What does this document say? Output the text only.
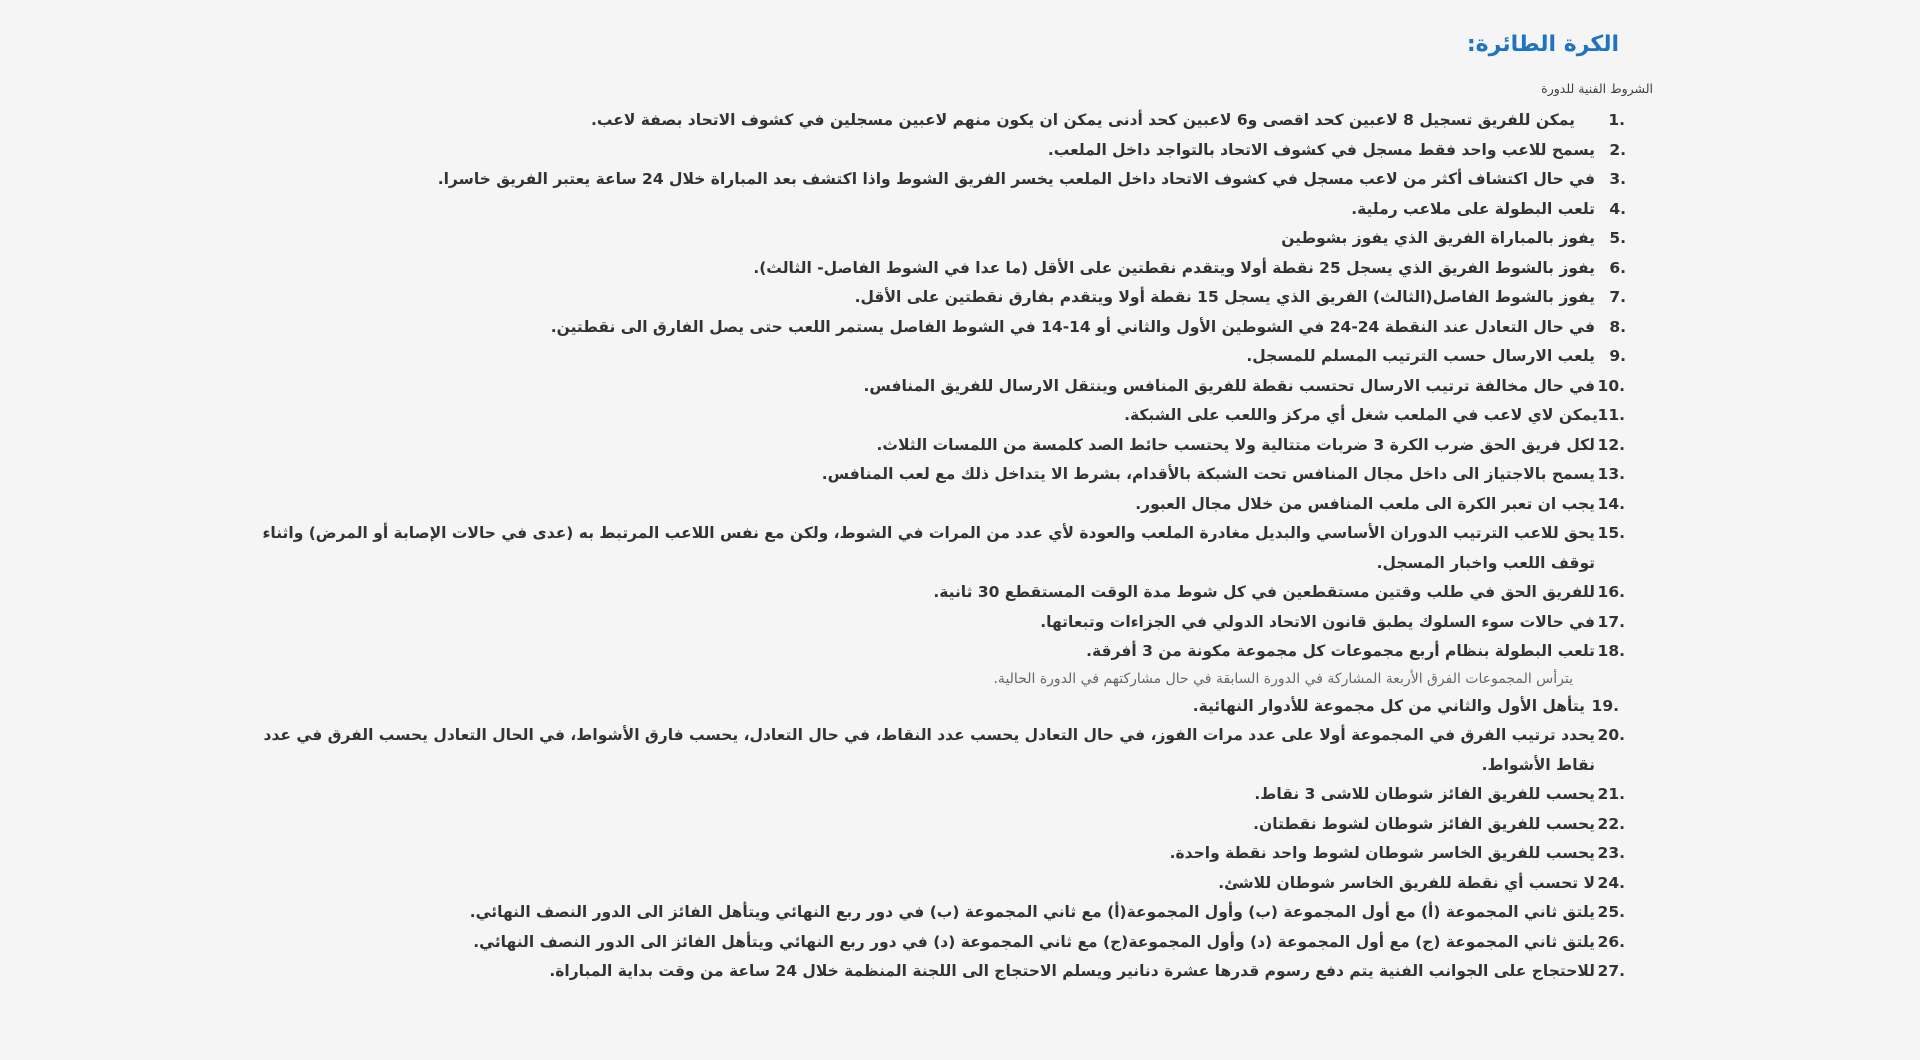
الكرة الطائرة:
الشروط الفنية للدورة
1.
يمكن للفريق تسجيل 8 لاعبين كحد اقصى و6 لاعبين كحد أدنى يمكن ان يكون منهم لاعبين مسجلين في كشوف الاتحاد بصفة لاعب.
2.
يسمح للاعب واحد فقط مسجل في كشوف الاتحاد بالتواجد داخل الملعب.
3.
في حال اكتشاف أكثر من لاعب مسجل في كشوف الاتحاد داخل الملعب يخسر الفريق الشوط واذا اكتشف بعد المباراة خلال 24 ساعة يعتبر الفريق خاسرا.
4.
تلعب البطولة على ملاعب رملية.
5.
يفوز بالمباراة الفريق الذي يفوز بشوطين
6.
يفوز بالشوط الفريق الذي يسجل 25 نقطة أولا ويتقدم نقطتين على الأقل (ما عدا في الشوط الفاصل- الثالث).
7.
يفوز بالشوط الفاصل(الثالث) الفريق الذي يسجل 15 نقطة أولا ويتقدم بفارق نقطتين على الأقل.
8.
في حال التعادل عند النقطة 24-24 في الشوطين الأول والثاني أو 14-14 في الشوط الفاصل يستمر اللعب حتى يصل الفارق الى نقطتين.
9.
يلعب الارسال حسب الترتيب المسلم للمسجل.
10.
في حال مخالفة ترتيب الارسال تحتسب نقطة للفريق المنافس وينتقل الارسال للفريق المنافس.
11.
يمكن لاي لاعب في الملعب شغل أي مركز واللعب على الشبكة.
12.
لكل فريق الحق ضرب الكرة 3 ضربات متتالية ولا يحتسب حائط الصد كلمسة من اللمسات الثلاث.
13.
يسمح بالاجتياز الى داخل مجال المنافس تحت الشبكة بالأقدام، بشرط الا يتداخل ذلك مع لعب المنافس.
14.
يجب ان تعبر الكرة الى ملعب المنافس من خلال مجال العبور.
15.
يحق للاعب الترتيب الدوران الأساسي والبديل مغادرة الملعب والعودة لأي عدد من المرات في الشوط، ولكن مع نفس اللاعب المرتبط به (عدى في حالات الإصابة أو المرض) واثناء توقف اللعب واخبار المسجل.
16.
للفريق الحق في طلب وقتين مستقطعين في كل شوط مدة الوقت المستقطع 30 ثانية.
17.
في حالات سوء السلوك يطبق قانون الاتحاد الدولي في الجزاءات وتبعاتها.
18.
تلعب البطولة بنظام أربع مجموعات كل مجموعة مكونة من 3 أفرقة.
يترأس المجموعات الفرق الأربعة المشاركة في الدورة السابقة في حال مشاركتهم في الدورة الحالية.
19.
يتأهل الأول والثاني من كل مجموعة للأدوار النهائية.
20.
يحدد ترتيب الفرق في المجموعة أولا على عدد مرات الفوز، في حال التعادل يحسب عدد النقاط، في حال التعادل، يحسب فارق الأشواط، في الحال التعادل يحسب الفرق في عدد نقاط الأشواط.
21.
يحسب للفريق الفائز شوطان للاشى 3 نقاط.
22.
يحسب للفريق الفائز شوطان لشوط نقطتان.
23.
يحسب للفريق الخاسر شوطان لشوط واحد نقطة واحدة.
24.
لا تحسب أي نقطة للفريق الخاسر شوطان للاشئ.
25.
يلتق ثاني المجموعة (أ) مع أول المجموعة (ب) وأول المجموعة(أ) مع ثاني المجموعة (ب) في دور ربع النهائي ويتأهل الفائز الى الدور النصف النهائي.
26.
يلتق ثاني المجموعة (ج) مع أول المجموعة (د) وأول المجموعة(ج) مع ثاني المجموعة (د) في دور ربع النهائي ويتأهل الفائز الى الدور النصف النهائي.
27.
للاحتجاج على الجوانب الفنية يتم دفع رسوم قدرها عشرة دنانير ويسلم الاحتجاج الى اللجنة المنظمة خلال 24 ساعة من وقت بداية المباراة.
